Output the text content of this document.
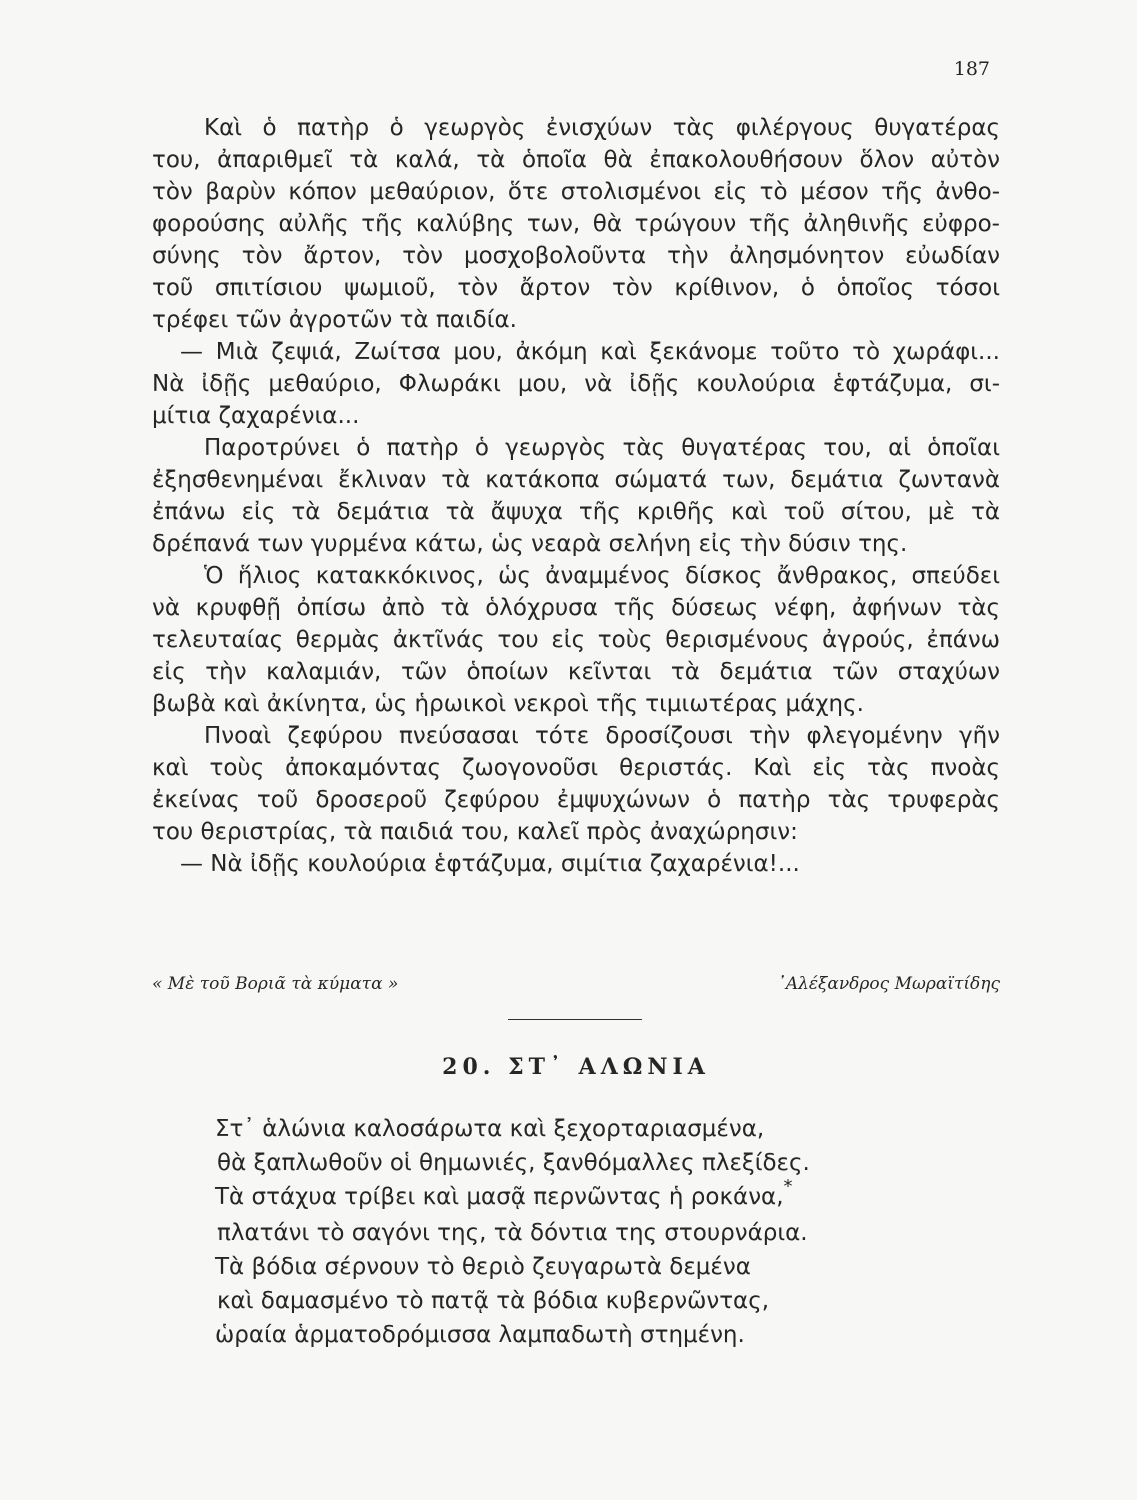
187
Καὶ ὁ πατὴρ ὁ γεωργὸς ἐνισχύων τὰς φιλέργους θυγατέρας
του, ἀπαριθμεῖ τὰ καλά, τὰ ὁποῖα θὰ ἐπακολουθήσουν ὅλον αὐτὸν
τὸν βαρὺν κόπον μεθαύριον, ὅτε στολισμένοι εἰς τὸ μέσον τῆς ἀνθο-
φορούσης αὐλῆς τῆς καλύβης των, θὰ τρώγουν τῆς ἀληθινῆς εὐφρο-
σύνης τὸν ἄρτον, τὸν μοσχοβολοῦντα τὴν ἀλησμόνητον εὐωδίαν
τοῦ σπιτίσιου ψωμιοῦ, τὸν ἄρτον τὸν κρίθινον, ὁ ὁποῖος τόσοι
τρέφει τῶν ἀγροτῶν τὰ παιδία.
— Μιὰ ζεψιά, Ζωίτσα μου, ἀκόμη καὶ ξεκάνομε τοῦτο τὸ χωράφι...
Νὰ ἰδῇς μεθαύριο, Φλωράκι μου, νὰ ἰδῇς κουλούρια ἑφτάζυμα, σι-
μίτια ζαχαρένια...
Παροτρύνει ὁ πατὴρ ὁ γεωργὸς τὰς θυγατέρας του, αἱ ὁποῖαι
ἐξησθενημέναι ἔκλιναν τὰ κατάκοπα σώματά των, δεμάτια ζωντανὰ
ἐπάνω εἰς τὰ δεμάτια τὰ ἄψυχα τῆς κριθῆς καὶ τοῦ σίτου, μὲ τὰ
δρέπανά των γυρμένα κάτω, ὡς νεαρὰ σελήνη εἰς τὴν δύσιν της.
Ὁ ἥλιος κατακκόκινος, ὡς ἀναμμένος δίσκος ἄνθρακος, σπεύδει
νὰ κρυφθῇ ὀπίσω ἀπὸ τὰ ὁλόχρυσα τῆς δύσεως νέφη, ἀφήνων τὰς
τελευταίας θερμὰς ἀκτῖνάς του εἰς τοὺς θερισμένους ἀγρούς, ἐπάνω
εἰς τὴν καλαμιάν, τῶν ὁποίων κεῖνται τὰ δεμάτια τῶν σταχύων
βωβὰ καὶ ἀκίνητα, ὡς ἡρωικοὶ νεκροὶ τῆς τιμιωτέρας μάχης.
Πνοαὶ ζεφύρου πνεύσασαι τότε δροσίζουσι τὴν φλεγομένην γῆν
καὶ τοὺς ἀποκαμόντας ζωογονοῦσι θεριστάς. Καὶ εἰς τὰς πνοὰς
ἐκείνας τοῦ δροσεροῦ ζεφύρου ἐμψυχώνων ὁ πατὴρ τὰς τρυφερὰς
του θεριστρίας, τὰ παιδιά του, καλεῖ πρὸς ἀναχώρησιν:
— Νὰ ἰδῇς κουλούρια ἑφτάζυμα, σιμίτια ζαχαρένια!...
« Μὲ τοῦ Βοριᾶ τὰ κύματα »	᾿Αλέξανδρος Μωραϊτίδης
20. ΣΤ᾿ ΑΛΩΝΙΑ
Στ᾿ ἁλώνια καλοσάρωτα καὶ ξεχορταριασμένα,
θὰ ξαπλωθοῦν οἱ θημωνιές, ξανθόμαλλες πλεξίδες.
Τὰ στάχυα τρίβει καὶ μασᾷ περνῶντας ἡ ροκάνα,*
πλατάνι τὸ σαγόνι της, τὰ δόντια της στουρνάρια.
Τὰ βόδια σέρνουν τὸ θεριὸ ζευγαρωτὰ δεμένα
καὶ δαμασμένο τὸ πατᾷ τὰ βόδια κυβερνῶντας,
ὡραία ἁρματοδρόμισσα λαμπαδωτὴ στημένη.
